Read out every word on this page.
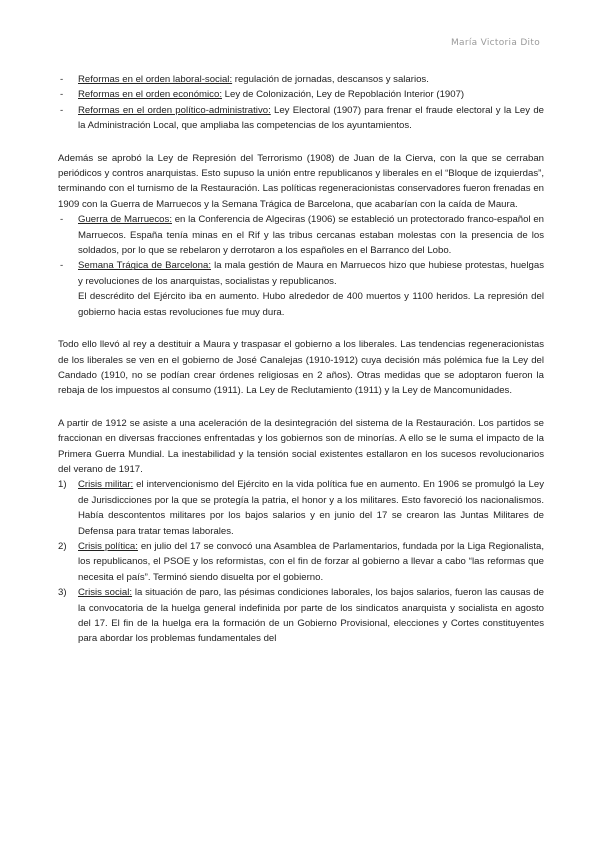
María Victoria Dito
- Reformas en el orden laboral-social: regulación de jornadas, descansos y salarios.
- Reformas en el orden económico: Ley de Colonización, Ley de Repoblación Interior (1907)
- Reformas en el orden político-administrativo: Ley Electoral (1907) para frenar el fraude electoral y la Ley de la Administración Local, que ampliaba las competencias de los ayuntamientos.

Además se aprobó la Ley de Represión del Terrorismo (1908) de Juan de la Cierva, con la que se cerraban periódicos y contros anarquistas. Esto supuso la unión entre republicanos y liberales en el “Bloque de izquierdas”, terminando con el turnismo de la Restauración. Las políticas regeneracionistas conservadores fueron frenadas en 1909 con la Guerra de Marruecos y la Semana Trágica de Barcelona, que acabarían con la caída de Maura.

- Guerra de Marruecos: en la Conferencia de Algeciras (1906) se estableció un protectorado franco-español en Marruecos. España tenía minas en el Rif y las tribus cercanas estaban molestas con la presencia de los soldados, por lo que se rebelaron y derrotaron a los españoles en el Barranco del Lobo.
- Semana Trágica de Barcelona: la mala gestión de Maura en Marruecos hizo que hubiese protestas, huelgas y revoluciones de los anarquistas, socialistas y republicanos.
El descrédito del Ejército iba en aumento. Hubo alrededor de 400 muertos y 1100 heridos. La represión del gobierno hacia estas revoluciones fue muy dura.

Todo ello llevó al rey a destituir a Maura y traspasar el gobierno a los liberales. Las tendencias regeneracionistas de los liberales se ven en el gobierno de José Canalejas (1910-1912) cuya decisión más polémica fue la Ley del Candado (1910, no se podían crear órdenes religiosas en 2 años). Otras medidas que se adoptaron fueron la rebaja de los impuestos al consumo (1911). La Ley de Reclutamiento (1911) y la Ley de Mancomunidades.

A partir de 1912 se asiste a una aceleración de la desintegración del sistema de la Restauración. Los partidos se fraccionan en diversas fracciones enfrentadas y los gobiernos son de minorías. A ello se le suma el impacto de la Primera Guerra Mundial. La inestabilidad y la tensión social existentes estallaron en los sucesos revolucionarios del verano de 1917.

1) Crisis militar: el intervencionismo del Ejército en la vida política fue en aumento. En 1906 se promulgó la Ley de Jurisdicciones por la que se protegía la patria, el honor y a los militares. Esto favoreció los nacionalismos. Había descontentos militares por los bajos salarios y en junio del 17 se crearon las Juntas Militares de Defensa para tratar temas laborales.
2) Crisis política: en julio del 17 se convocó una Asamblea de Parlamentarios, fundada por la Liga Regionalista, los republicanos, el PSOE y los reformistas, con el fin de forzar al gobierno a llevar a cabo “las reformas que necesita el país”. Terminó siendo disuelta por el gobierno.
3) Crisis social: la situación de paro, las pésimas condiciones laborales, los bajos salarios, fueron las causas de la convocatoria de la huelga general indefinida por parte de los sindicatos anarquista y socialista en agosto del 17. El fin de la huelga era la formación de un Gobierno Provisional, elecciones y Cortes constituyentes para abordar los problemas fundamentales del
